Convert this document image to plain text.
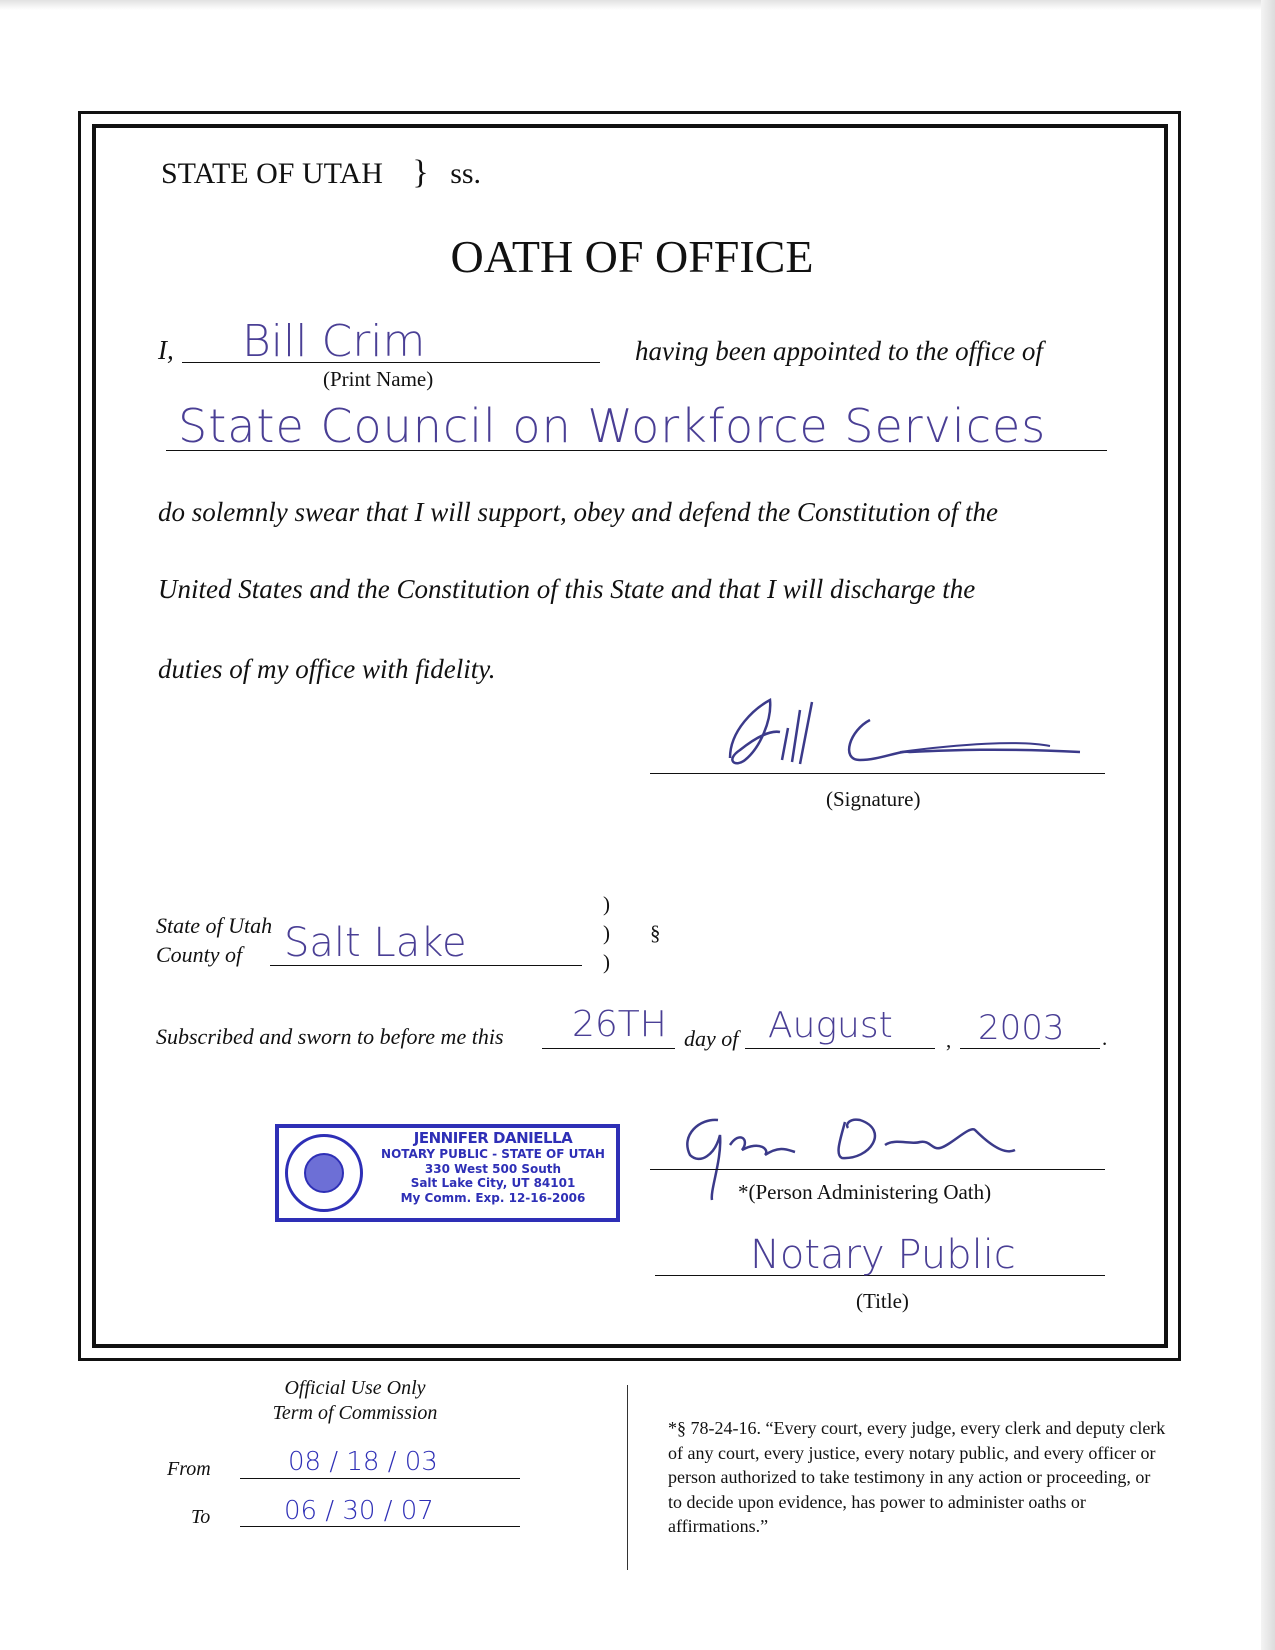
STATE OF UTAH } ss.
OATH OF OFFICE
I, Bill Crim
(Print Name)
having been appointed to the office of
State Council on Workforce Services
do solemnly swear that I will support, obey and defend the Constitution of the
United States and the Constitution of this State and that I will discharge the
duties of my office with fidelity.
(Signature)
State of Utah
County of Salt Lake
)
)
)
§
Subscribed and sworn to before me this 26TH day of August	, 2003 .
JENNIFER DANIELLA
NOTARY PUBLIC - STATE OF UTAH
330 West 500 South
Salt Lake City, UT 84101
My Comm. Exp. 12-16-2006	*(Person Administering Oath)
Notary Public
(Title)
Official Use Only
Term of Commission
From	08 / 18 / 03
To	06 / 30 / 07
*§ 78-24-16. “Every court, every judge, every clerk and deputy clerk of any court, every justice, every notary public, and every officer or person authorized to take testimony in any action or proceeding, or to decide upon evidence, has power to administer oaths or affirmations.”
